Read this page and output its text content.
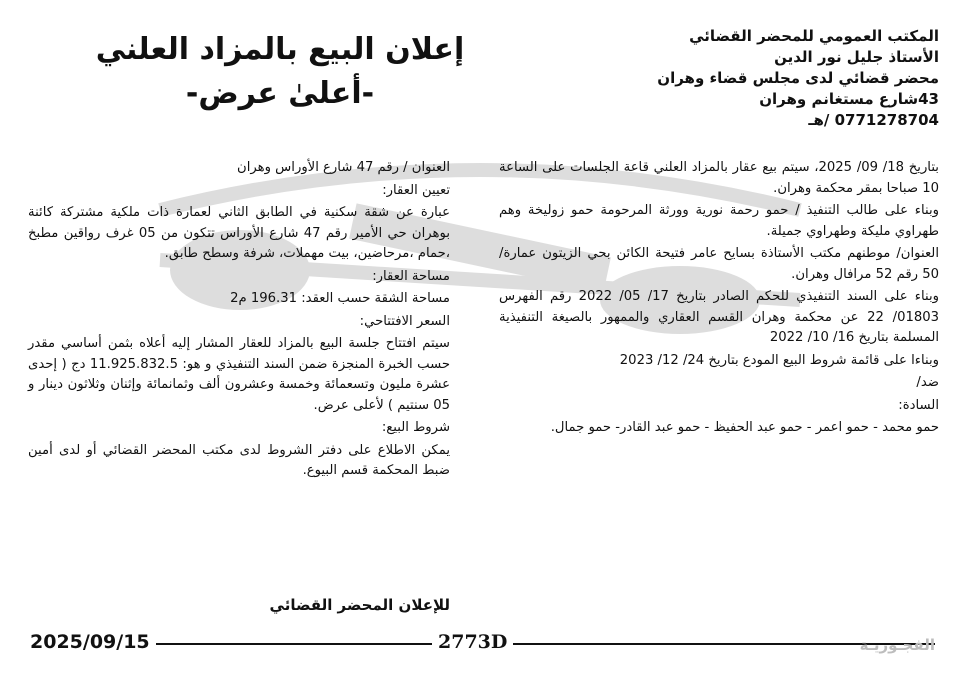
المكتب العمومي للمحضر القضائي
الأستاذ جليل نور الدين
محضر قضائي لدى مجلس قضاء وهران
43شارع مستغانم وهران
0771278704 /هـ
إعلان البيع بالمزاد العلني
-أعلىٰ عرض-

بتاريخ 18/ 09/ 2025، سيتم بيع عقار بالمزاد العلني قاعة الجلسات على الساعة 10 صباحا بمقر محكمة وهران.

وبناء على طالب التنفيذ / حمو رحمة نورية وورثة المرحومة حمو زوليخة وهم طهراوي مليكة وطهراوي جميلة.

العنوان/ موطنهم مكتب الأستاذة بسايح عامر فتيحة الكائن بحي الزيتون عمارة/ 50 رقم 52 مرافال وهران.

وبناء على السند التنفيذي للحكم الصادر بتاريخ 17/ 05/ 2022 رقم الفهرس 01803/ 22 عن محكمة وهران القسم العقاري والممهور بالصيغة التنفيذية المسلمة بتاريخ 16/ 10/ 2022

وبناءا على قائمة شروط البيع المودع بتاريخ 24/ 12/ 2023

ضد/

السادة:

حمو محمد - حمو اعمر - حمو عبد الحفيظ - حمو عبد القادر- حمو جمال.

العنوان / رقم 47 شارع الأوراس وهران

تعيين العقار:

عبارة عن شقة سكنية في الطابق الثاني لعمارة ذات ملكية مشتركة كائنة بوهران حي الأمير رقم 47 شارع الأوراس تتكون من 05 غرف رواقين مطبخ ،حمام ،مرحاضين، بيت مهملات، شرفة وسطح طابق.

مساحة العقار:

مساحة الشقة حسب العقد: 196.31 م2

السعر الافتتاحي:

سيتم افتتاح جلسة البيع بالمزاد للعقار المشار إليه أعلاه بثمن أساسي مقدر حسب الخبرة المنجزة ضمن السند التنفيذي و هو: 11.925.832.5 دج ( إحدى عشرة مليون وتسعمائة وخمسة وعشرون ألف وثمانمائة وإثنان وثلاثون دينار و 05 سنتيم ) لأعلى عرض.

شروط البيع:

يمكن الاطلاع على دفتر الشروط لدى مكتب المحضر القضائي أو لدى أمين ضبط المحكمة قسم البيوع.

للإعلان المحضر القضائي
2025/09/15	2773D	الفجـوريـة
